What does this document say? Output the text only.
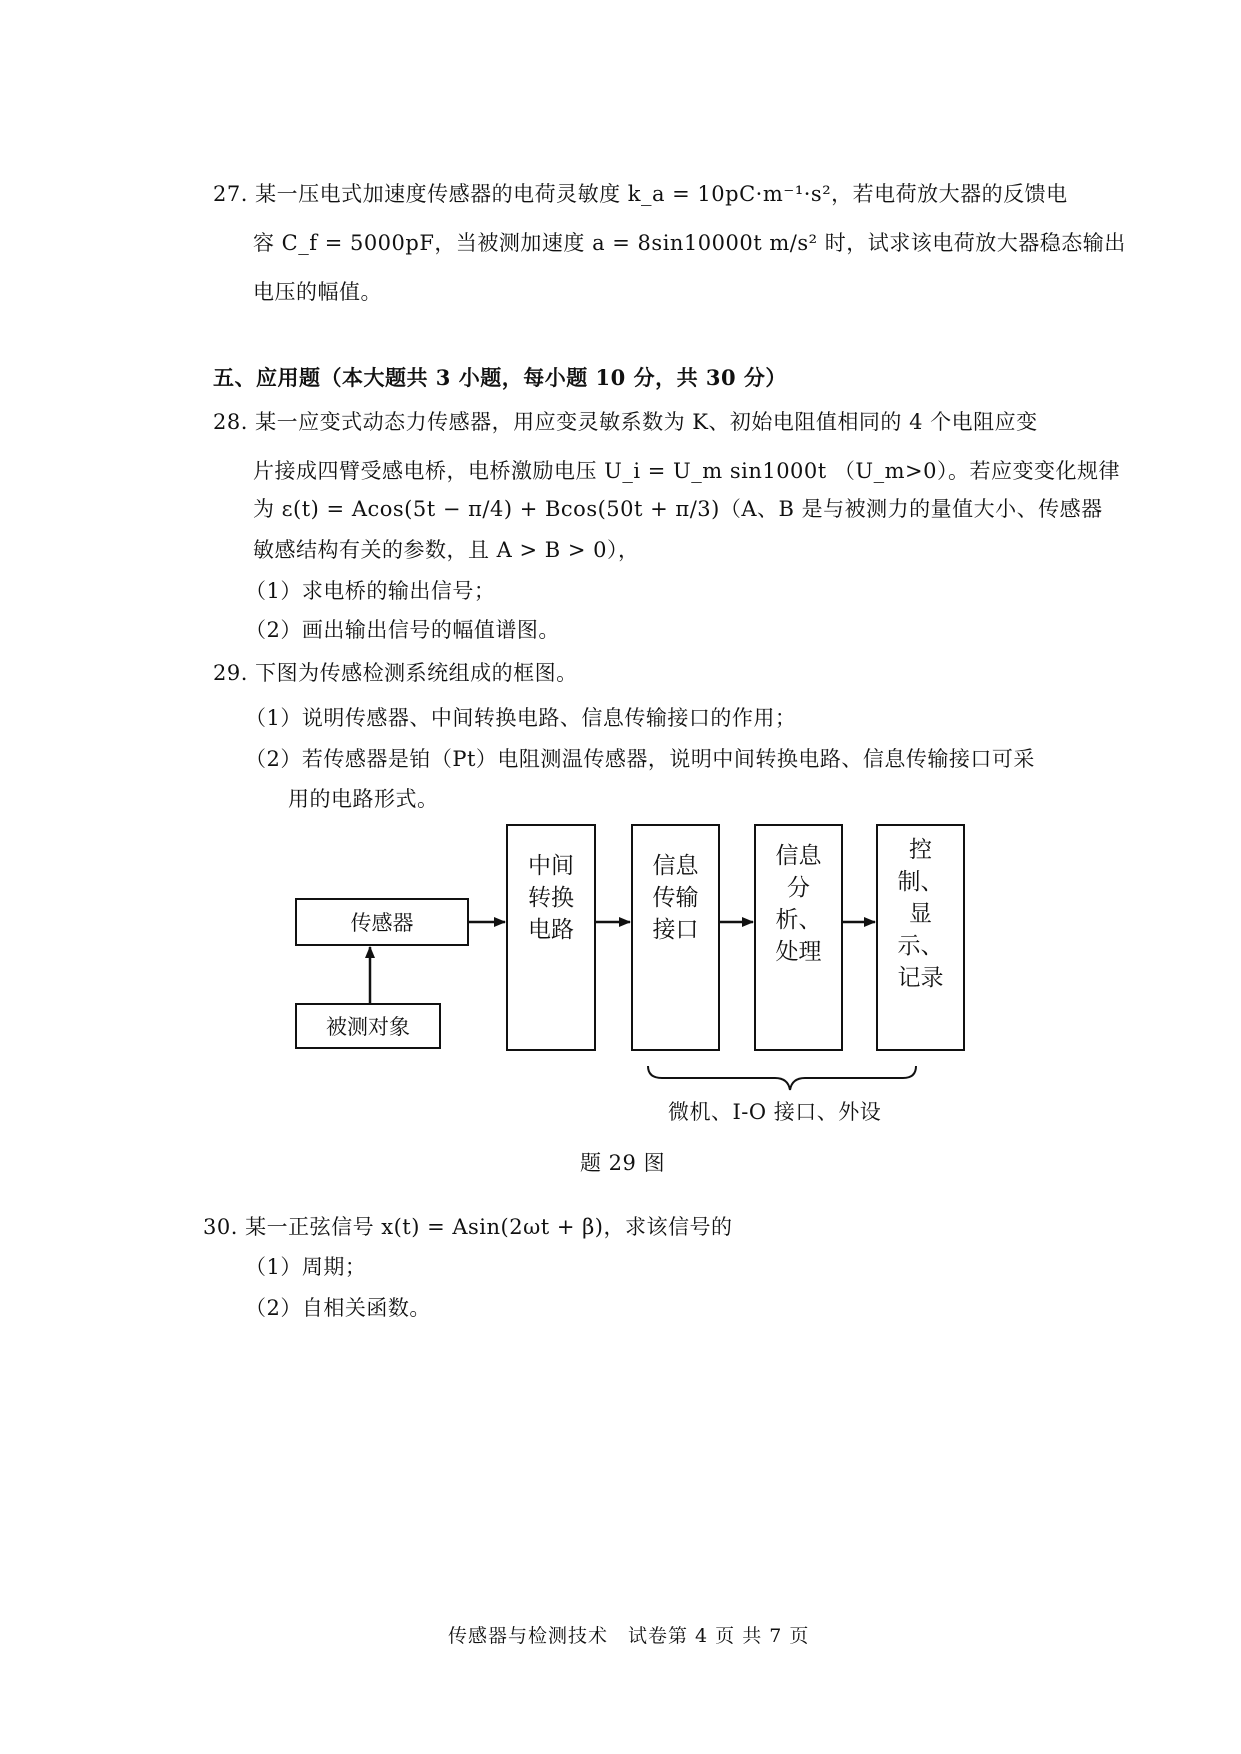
27. 某一压电式加速度传感器的电荷灵敏度 k_a = 10pC·m⁻¹·s²，若电荷放大器的反馈电
容 C_f = 5000pF，当被测加速度 a = 8sin10000t m/s² 时，试求该电荷放大器稳态输出
电压的幅值。
五、应用题（本大题共 3 小题，每小题 10 分，共 30 分）
28. 某一应变式动态力传感器，用应变灵敏系数为 K、初始电阻值相同的 4 个电阻应变
片接成四臂受感电桥，电桥激励电压 U_i = U_m sin1000t （U_m>0）。若应变变化规律
为 ε(t) = Acos(5t − π/4) + Bcos(50t + π/3)（A、B 是与被测力的量值大小、传感器
敏感结构有关的参数，且 A > B > 0），
（1）求电桥的输出信号；
（2）画出输出信号的幅值谱图。
29. 下图为传感检测系统组成的框图。
（1）说明传感器、中间转换电路、信息传输接口的作用；
（2）若传感器是铂（Pt）电阻测温传感器，说明中间转换电路、信息传输接口可采
用的电路形式。
传感器
被测对象
中间转换电路
信息传输接口
信息分析、处理
控制、显示、记录
微机、I-O 接口、外设
题 29 图
30. 某一正弦信号 x(t) = Asin(2ωt + β)，求该信号的
（1）周期；
（2）自相关函数。
传感器与检测技术　试卷第 4 页 共 7 页
